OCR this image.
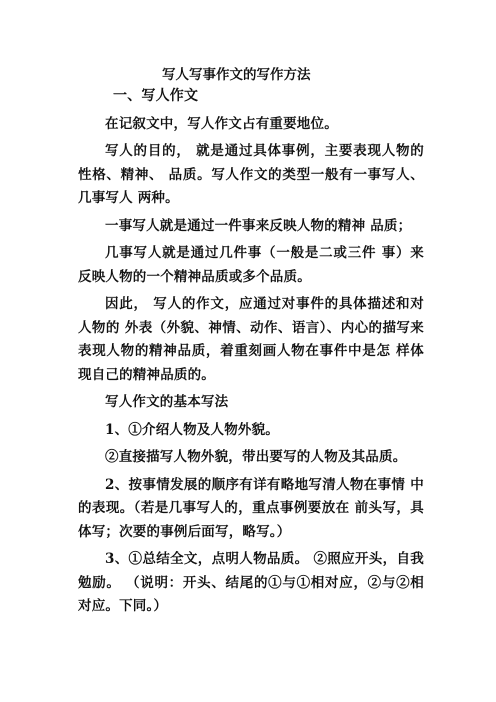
写人写事作文的写作方法

一、写人作文

在记叙文中，写人作文占有重要地位。

写人的目的， 就是通过具体事例，主要表现人物的性格、精神、 品质。写人作文的类型一般有一事写人、几事写人 两种。

一事写人就是通过一件事来反映人物的精神 品质；

几事写人就是通过几件事（一般是二或三件 事）来反映人物的一个精神品质或多个品质。

因此， 写人的作文，应通过对事件的具体描述和对人物的 外表（外貌、神情、动作、语言）、内心的描写来 表现人物的精神品质，着重刻画人物在事件中是怎 样体现自己的精神品质的。

写人作文的基本写法

1、①介绍人物及人物外貌。

②直接描写人物外貌，带出要写的人物及其品质。

2、按事情发展的顺序有详有略地写清人物在事情 中的表现。（若是几事写人的，重点事例要放在 前头写，具体写；次要的事例后面写，略写。）

3、①总结全文，点明人物品质。 ②照应开头，自我勉励。 （说明：开头、结尾的①与①相对应，②与②相 对应。下同。）
